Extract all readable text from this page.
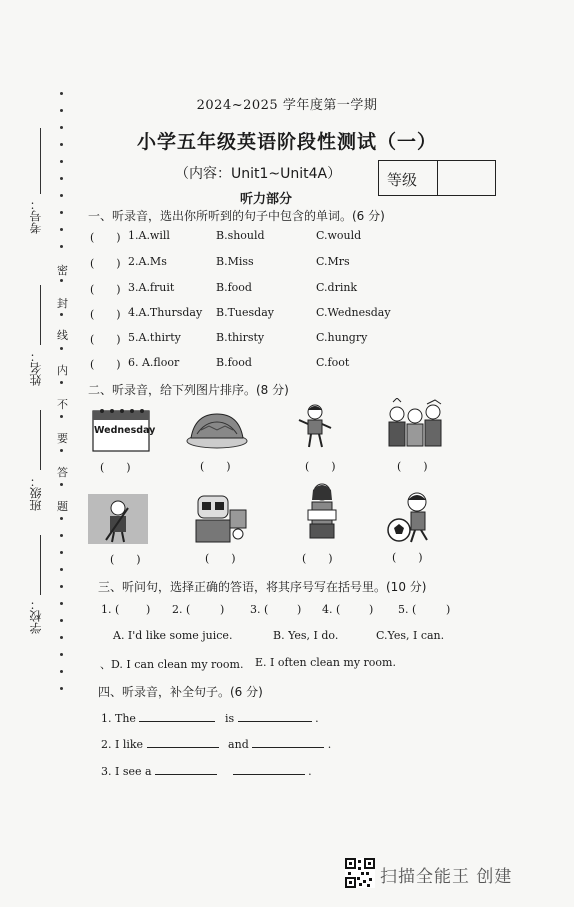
考号：
姓名：
班级：
学校：
密
封
线
内
不
要
答
题
2024~2025 学年度第一学期
小学五年级英语阶段性测试（一）
（内容：Unit1~Unit4A）	等级
听力部分
一、听录音，选出你所听到的句子中包含的单词。(6 分)
(　　) 1.A.will	B.should	C.would
(　　) 2.A.Ms	B.Miss	C.Mrs
(　　) 3.A.fruit	B.food	C.drink
(　　) 4.A.Thursday B.Tuesday	C.Wednesday
(　　) 5.A.thirty	B.thirsty	C.hungry
(　　) 6. A.floor	B.food	C.foot
二、听录音，给下列图片排序。(8 分)
Wednesday
(　　)	(　　)	(　　)	(　　)
(　　)	(　　)	(　　)	(　　)
三、听问句，选择正确的答语，将其序号写在括号里。(10 分)
1. ( ) 2. (	) 3. (	) 4. (	) 5. (	)
A. I'd like some juice.	B. Yes, I do.	C.Yes, I can.
、D. I can clean my room. E. I often clean my room.
四、听录音，补全句子。(6 分)
1. The	is	.
2. I like	and	.
3. I see a	.
扫描全能王 创建
